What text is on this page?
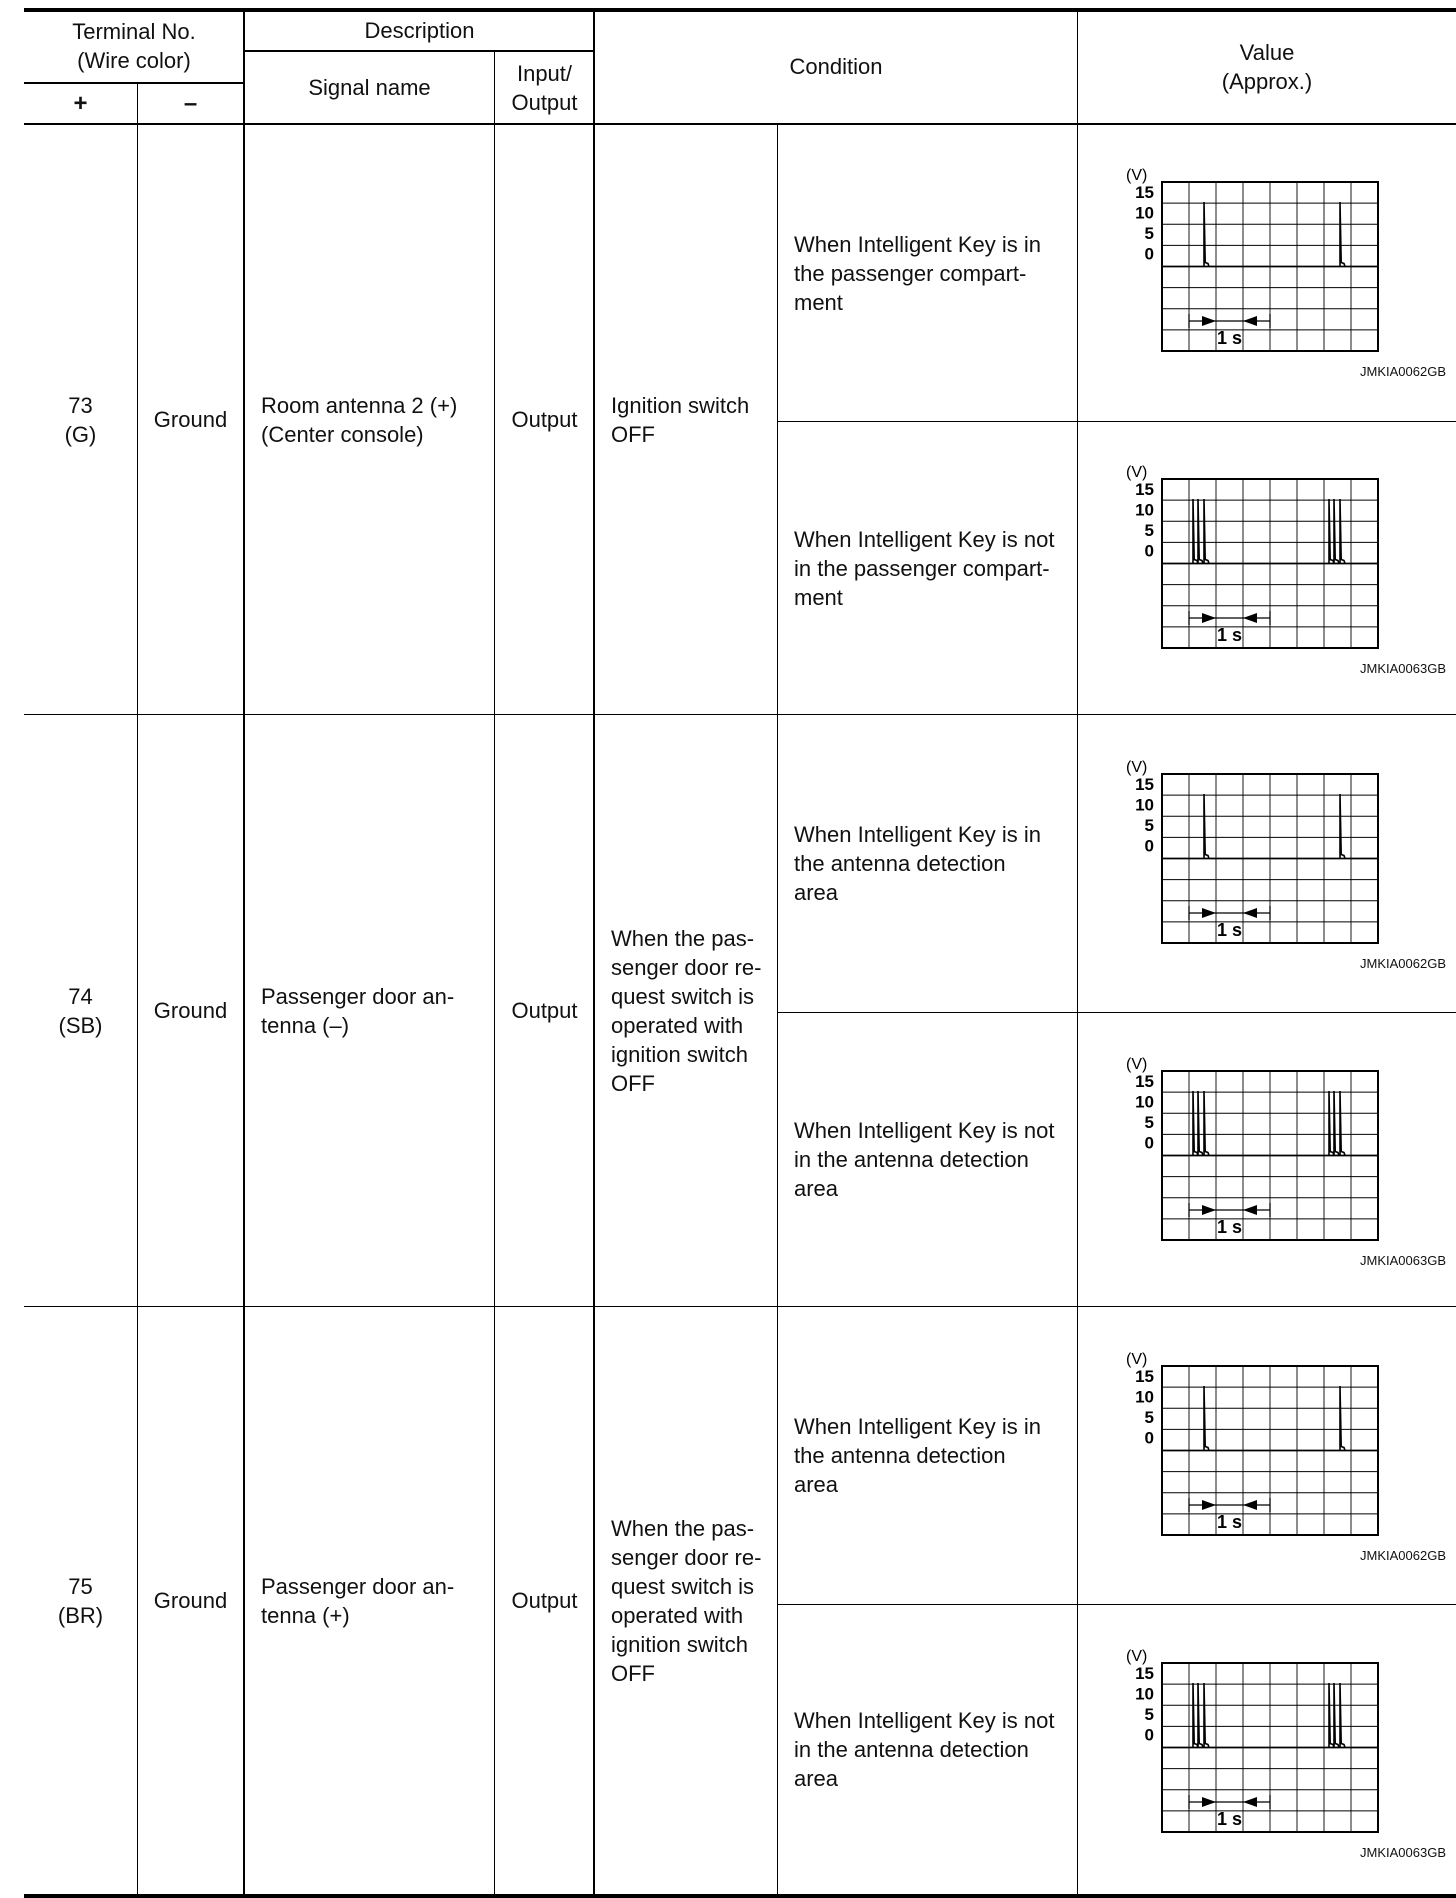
Terminal No.
(Wire color)
+	–
Description
Signal name
Input/
Output
Condition
Value
(Approx.)
73
(G)
Ground
Room antenna 2 (+)
(Center console)
Output
Ignition switch
OFF
When Intelligent Key is in
the passenger compart-
ment
When Intelligent Key is not
in the passenger compart-
ment
74
(SB)
Ground
Passenger door an-
tenna (–)
Output
When the pas-
senger door re-
quest switch is
operated with
ignition switch
OFF
When Intelligent Key is in
the antenna detection
area
When Intelligent Key is not
in the antenna detection
area
75
(BR)
Ground
Passenger door an-
tenna (+)
Output
When the pas-
senger door re-
quest switch is
operated with
ignition switch
OFF
When Intelligent Key is in
the antenna detection
area
When Intelligent Key is not
in the antenna detection
area
(V)
15
10
5
0
1 s
JMKIA0062GB
(V)
15
10
5
0
1 s
JMKIA0063GB
(V)
15
10
5
0
1 s
JMKIA0062GB
(V)
15
10
5
0
1 s
JMKIA0063GB
(V)
15
10
5
0
1 s
JMKIA0062GB
(V)
15
10
5
0
1 s
JMKIA0063GB
